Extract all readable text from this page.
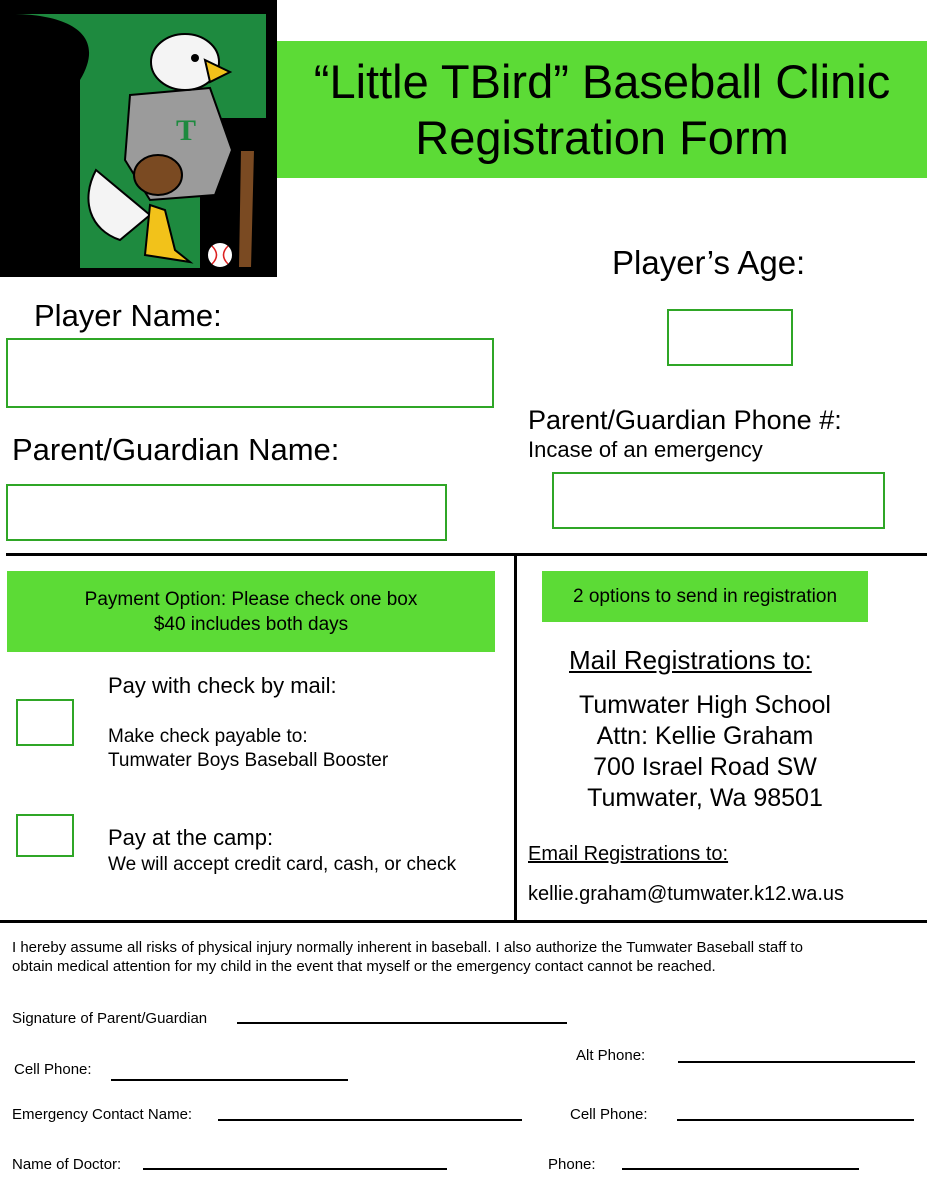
T
“Little TBird” Baseball Clinic
Registration Form
Player’s Age:
Player Name:
Parent/Guardian Phone #:
Incase of an emergency
Parent/Guardian Name:
Payment Option: Please check one box
$40 includes both days
Pay with check by mail:
Make check payable to:
Tumwater Boys Baseball Booster
Pay at the camp:
We will accept credit card, cash, or check
2 options to send in registration
Mail Registrations to:
Tumwater High School
Attn: Kellie Graham
700 Israel Road SW
Tumwater, Wa 98501
Email Registrations to:
kellie.graham@tumwater.k12.wa.us
I hereby assume all risks of physical injury normally inherent in baseball. I also authorize the Tumwater Baseball staff to
obtain medical attention for my child in the event that myself or the emergency contact cannot be reached.
Signature of Parent/Guardian
Alt Phone:
Cell Phone:
Emergency Contact Name:	Cell Phone:
Name of Doctor:	Phone:
